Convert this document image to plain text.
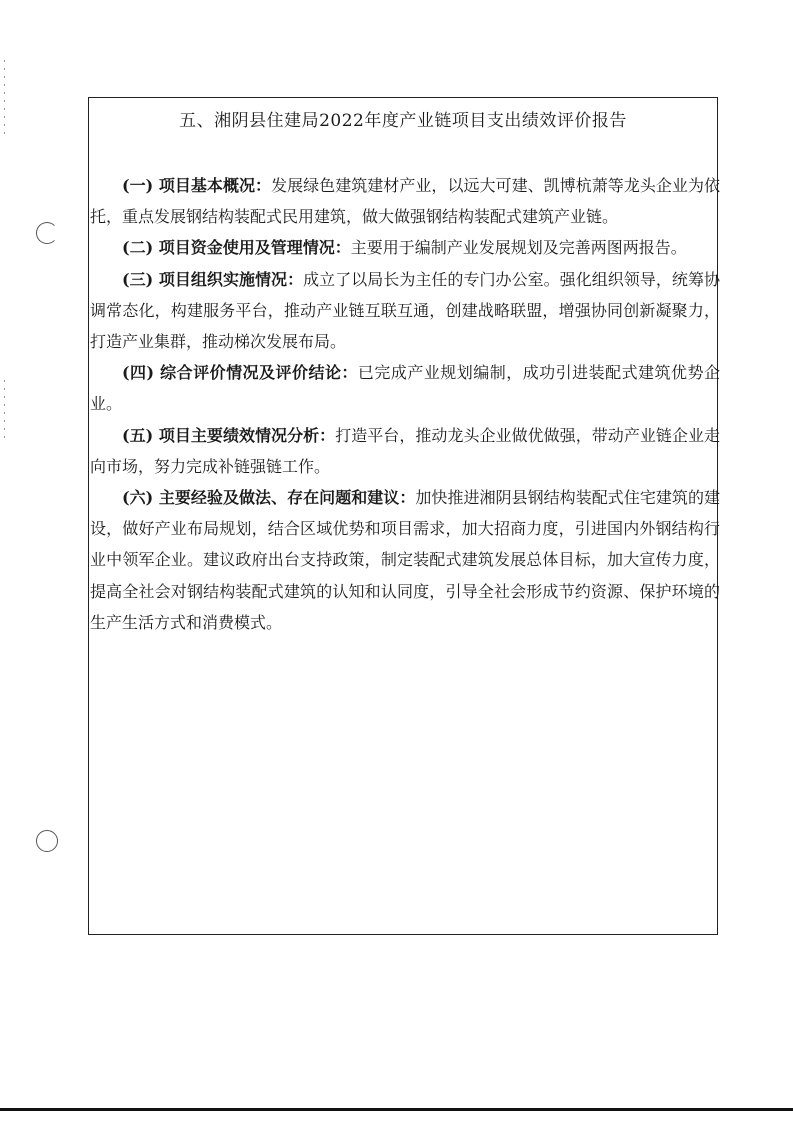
五、湘阴县住建局2022年度产业链项目支出绩效评价报告

(一) 项目基本概况：发展绿色建筑建材产业，以远大可建、凯博杭萧等龙头企业为依托，重点发展钢结构装配式民用建筑，做大做强钢结构装配式建筑产业链。

(二) 项目资金使用及管理情况：主要用于编制产业发展规划及完善两图两报告。

(三) 项目组织实施情况：成立了以局长为主任的专门办公室。强化组织领导，统筹协调常态化，构建服务平台，推动产业链互联互通，创建战略联盟，增强协同创新凝聚力，打造产业集群，推动梯次发展布局。

(四) 综合评价情况及评价结论：已完成产业规划编制，成功引进装配式建筑优势企业。

(五) 项目主要绩效情况分析：打造平台，推动龙头企业做优做强，带动产业链企业走向市场，努力完成补链强链工作。

(六) 主要经验及做法、存在问题和建议：加快推进湘阴县钢结构装配式住宅建筑的建设，做好产业布局规划，结合区域优势和项目需求，加大招商力度，引进国内外钢结构行业中领军企业。建议政府出台支持政策，制定装配式建筑发展总体目标，加大宣传力度，提高全社会对钢结构装配式建筑的认知和认同度，引导全社会形成节约资源、保护环境的生产生活方式和消费模式。
